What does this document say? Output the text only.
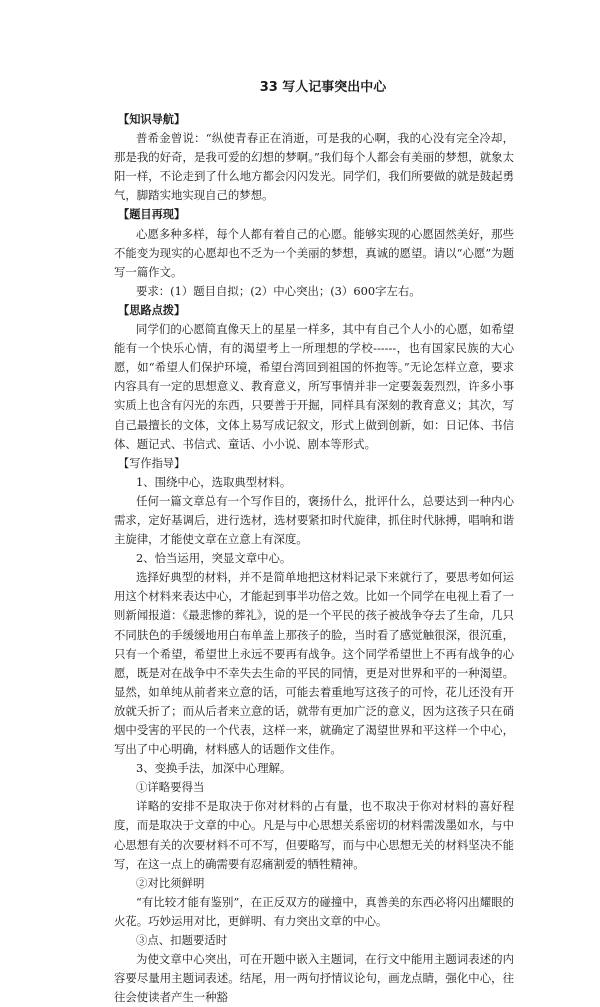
33 写人记事突出中心
【知识导航】

普希金曾说：“纵使青春正在消逝，可是我的心啊，我的心没有完全冷却，那是我的好奇，是我可爱的幻想的梦啊。”我们每个人都会有美丽的梦想，就象太阳一样，不论走到了什么地方都会闪闪发光。同学们，我们所要做的就是鼓起勇气，脚踏实地实现自己的梦想。

【题目再现】

心愿多种多样，每个人都有着自己的心愿。能够实现的心愿固然美好，那些不能变为现实的心愿却也不乏为一个美丽的梦想，真诚的愿望。请以“心愿”为题写一篇作文。

要求：(1）题目自拟；(2）中心突出；(3）600字左右。

【思路点拨】

同学们的心愿简直像天上的星星一样多，其中有自己个人小的心愿，如希望能有一个快乐心情，有的渴望考上一所理想的学校------，也有国家民族的大心愿，如“希望人们保护环境，希望台湾回到祖国的怀抱等。”无论怎样立意，要求内容具有一定的思想意义、教育意义，所写事情并非一定要轰轰烈烈，许多小事实质上也含有闪光的东西，只要善于开掘，同样具有深刻的教育意义；其次，写自己最擅长的文体，文体上易写成记叙文，形式上做到创新，如：日记体、书信体、题记式、书信式、童话、小小说、剧本等形式。

【写作指导】

1、围绕中心，选取典型材料。

任何一篇文章总有一个写作目的，褒扬什么，批评什么，总要达到一种内心需求，定好基调后，进行选材，选材要紧扣时代旋律，抓住时代脉搏，唱响和谐主旋律，才能使文章在立意上有深度。

2、恰当运用，突显文章中心。

选择好典型的材料，并不是简单地把这材料记录下来就行了，要思考如何运用这个材料来表达中心，才能起到事半功倍之效。比如一个同学在电视上看了一则新闻报道：《最悲惨的葬礼》，说的是一个平民的孩子被战争夺去了生命，几只不同肤色的手缓缓地用白布单盖上那孩子的脸，当时看了感觉触很深，很沉重，只有一个希望，希望世上永远不要再有战争。这个同学希望世上不再有战争的心愿，既是对在战争中不幸失去生命的平民的同情，更是对世界和平的一种渴望。显然，如单纯从前者来立意的话，可能去着重地写这孩子的可怜，花儿还没有开放就夭折了；而从后者来立意的话，就带有更加广泛的意义，因为这孩子只在硝烟中受害的平民的一个代表，这样一来，就确定了渴望世界和平这样一个中心，写出了中心明确，材料感人的话题作文佳作。

3、变换手法，加深中心理解。

①详略要得当

详略的安排不是取决于你对材料的占有量，也不取决于你对材料的喜好程度，而是取决于文章的中心。凡是与中心思想关系密切的材料需泼墨如水，与中心思想有关的次要材料不可不写，但要略写，而与中心思想无关的材料坚决不能写，在这一点上的确需要有忍痛割爱的牺牲精神。

②对比须鲜明

“有比较才能有鉴别”，在正反双方的碰撞中，真善美的东西必将闪出耀眼的火花。巧妙运用对比，更鲜明、有力突出文章的中心。

③点、扣题要适时

为使文章中心突出，可在开题中嵌入主题词，在行文中能用主题词表述的内容要尽量用主题词表述。结尾，用一两句抒情议论句，画龙点睛，强化中心，往往会使读者产生一种豁
